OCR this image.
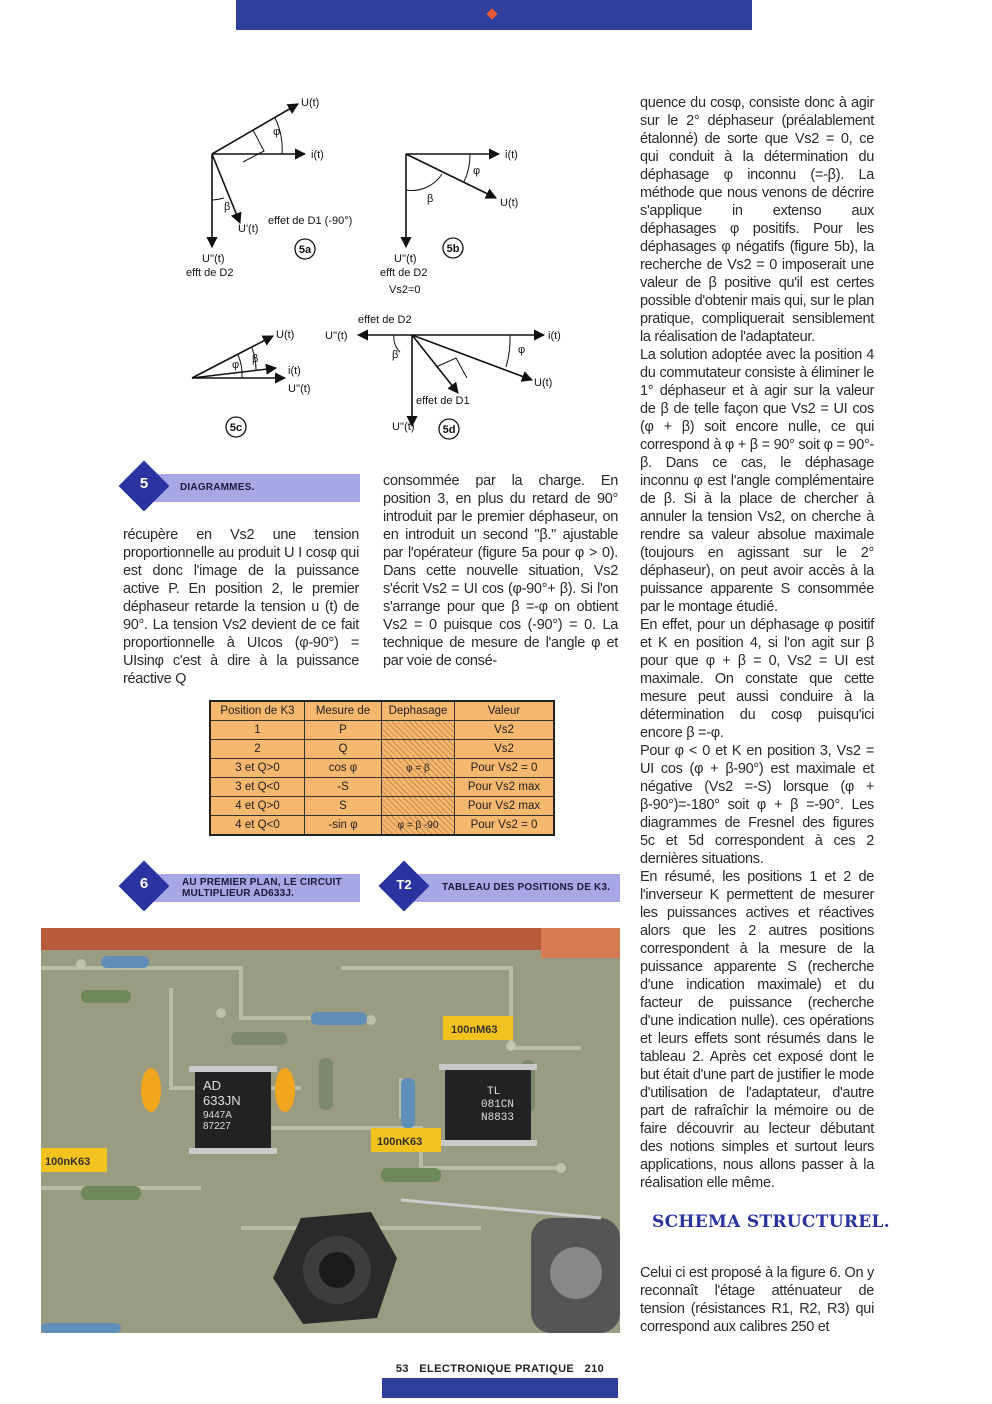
U(t)
i(t)
φ
β
U'(t)
effet de D1 (-90°)
U''(t)
efft de D2
5a
i(t)
U(t)
φ
β
U''(t)
efft de D2
Vs2=0
5b
U(t)
i(t)
U''(t)
φ β
5c
effet de D2
U''(t)	i(t)
φ
U(t)
β
effet de D1
U''(t)	5d
5	DIAGRAMMES.

récupère en Vs2 une tension proportionnelle au produit U I cosφ qui est donc l'image de la puissance active P. En position 2, le premier déphaseur retarde la tension u (t) de 90°. La tension Vs2 devient de ce fait proportionnelle à UIcos (φ-90°) = UIsinφ c'est à dire à la puissance réactive Q

consommée par la charge. En position 3, en plus du retard de 90° introduit par le premier déphaseur, on en introduit un second "β." ajustable par l'opérateur (figure 5a pour φ > 0). Dans cette nouvelle situation, Vs2 s'écrit Vs2 = UI cos (φ-90°+ β). Si l'on s'arrange pour que β =-φ on obtient Vs2 = 0 puisque cos (-90°) = 0. La technique de mesure de l'angle φ et par voie de consé-

quence du cosφ, consiste donc à agir sur le 2° déphaseur (préalablement étalonné) de sorte que Vs2 = 0, ce qui conduit à la détermination du déphasage φ inconnu (=-β). La méthode que nous venons de décrire s'applique in extenso aux déphasages φ positifs. Pour les déphasages φ négatifs (figure 5b), la recherche de Vs2 = 0 imposerait une valeur de β positive qu'il est certes possible d'obtenir mais qui, sur le plan pratique, compliquerait sensiblement la réalisation de l'adaptateur.

La solution adoptée avec la position 4 du commutateur consiste à éliminer le 1° déphaseur et à agir sur la valeur de β de telle façon que Vs2 = UI cos (φ + β) soit encore nulle, ce qui correspond à φ + β = 90° soit φ = 90°-β. Dans ce cas, le déphasage inconnu φ est l'angle complémentaire de β. Si à la place de chercher à annuler la tension Vs2, on cherche à rendre sa valeur absolue maximale (toujours en agissant sur le 2° déphaseur), on peut avoir accès à la puissance apparente S consommée par le montage étudié.

En effet, pour un déphasage φ positif et K en position 4, si l'on agit sur β pour que φ + β = 0, Vs2 = UI est maximale. On constate que cette mesure peut aussi conduire à la détermination du cosφ puisqu'ici encore β =-φ.

Pour φ < 0 et K en position 3, Vs2 = UI cos (φ + β-90°) est maximale et négative (Vs2 =-S) lorsque (φ + β-90°)=-180° soit φ + β =-90°. Les diagrammes de Fresnel des figures 5c et 5d correspondent à ces 2 dernières situations.

En résumé, les positions 1 et 2 de l'inverseur K permettent de mesurer les puissances actives et réactives alors que les 2 autres positions correspondent à la mesure de la puissance apparente S (recherche d'une indication maximale) et du facteur de puissance (recherche d'une indication nulle). ces opérations et leurs effets sont résumés dans le tableau 2. Après cet exposé dont le but était d'une part de justifier le mode d'utilisation de l'adaptateur, d'autre part de rafraîchir la mémoire ou de faire découvrir au lecteur débutant des notions simples et surtout leurs applications, nous allons passer à la réalisation elle même.

SCHEMA STRUCTUREL.

Celui ci est proposé à la figure 6. On y reconnaît l'étage atténuateur de tension (résistances R1, R2, R3) qui correspond aux calibres 250 et

Position de K3	Mesure de	Dephasage	Valeur
1	P		Vs2
2	Q		Vs2
3 et Q>0	cos φ	φ = β	Pour Vs2 = 0
3 et Q<0	-S		Pour Vs2 max
4 et Q>0	S		Pour Vs2 max
4 et Q<0	-sin φ	φ = β -90	Pour Vs2 = 0
6	AU PREMIER PLAN, LE CIRCUIT
MULTIPLIEUR AD633J.
T2	TABLEAU DES POSITIONS DE K3.
AD
633JN
9447A
87227
TL
081CN
N8833
100nM63
100nK63
100nK63
53 ELECTRONIQUE PRATIQUE 210
